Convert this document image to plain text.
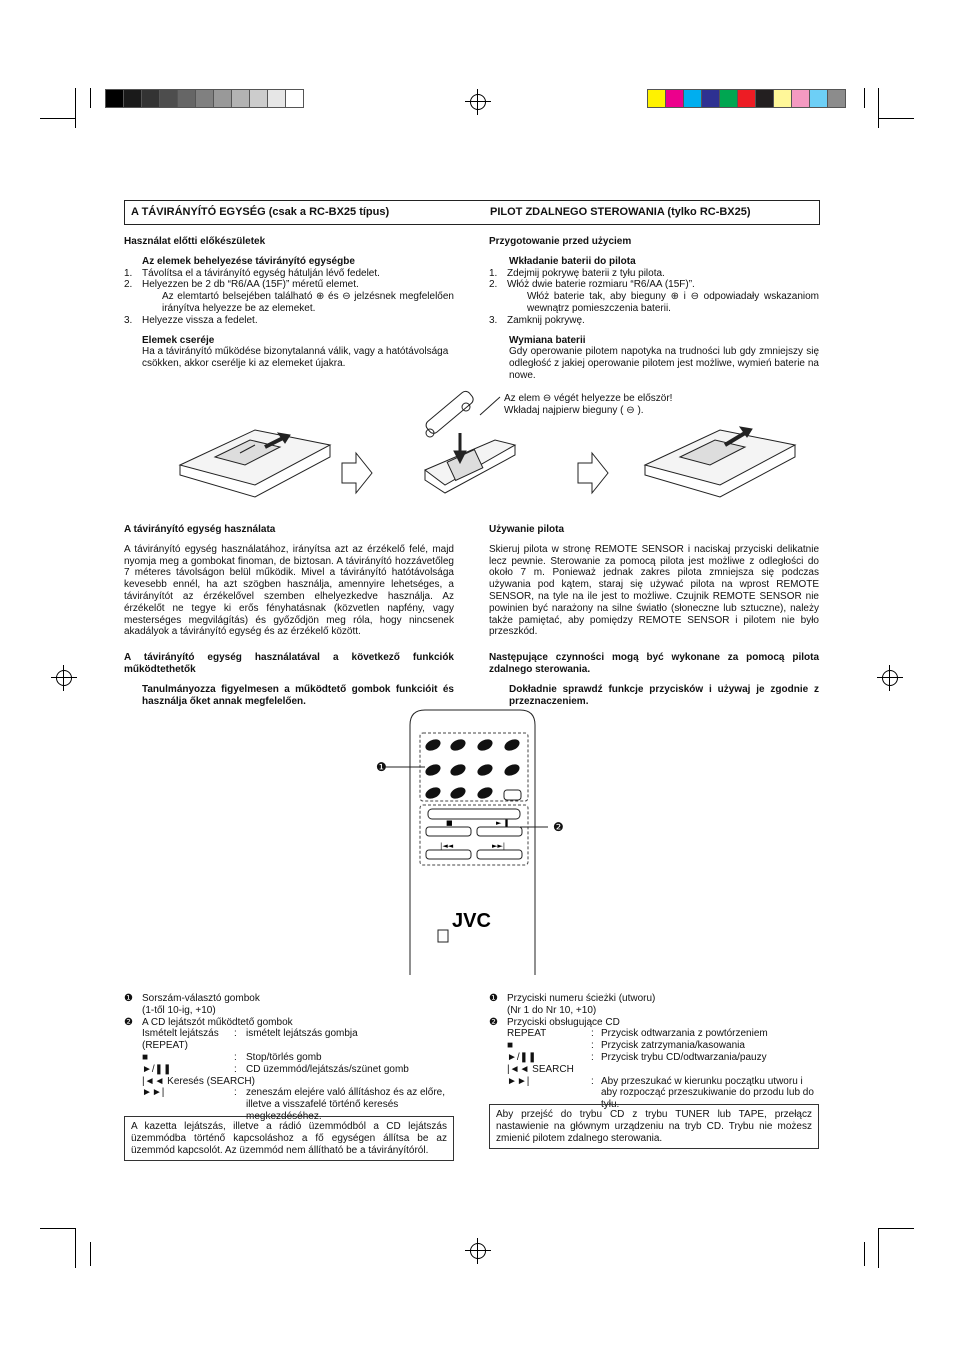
A TÁVIRÁNYÍTÓ EGYSÉG (csak a RC-BX25 típus)	PILOT ZDALNEGO STEROWANIA (tylko RC-BX25)
Használat előtti előkészületek
Az elemek behelyezése távirányító egységbe
1. Távolítsa el a távirányító egység hátulján lévő fedelet.
2. Helyezzen be 2 db “R6/AA (15F)” méretű elemet.
Az elemtartó belsejében található ⊕ és ⊖ jelzésnek megfelelően irányítva helyezze be az elemeket.
3. Helyezze vissza a fedelet.
Elemek cseréje
Ha a távirányító működése bizonytalanná válik, vagy a hatótávolsága csökken, akkor cserélje ki az elemeket újakra.
Przygotowanie przed użyciem
Wkładanie baterii do pilota
1. Zdejmij pokrywę baterii z tyłu pilota.
2. Włóż dwie baterie rozmiaru “R6/AA (15F)”.
Włóż baterie tak, aby bieguny ⊕ i ⊖ odpowiadały wskazaniom wewnątrz pomieszczenia baterii.
3. Zamknij pokrywę.
Wymiana baterii
Gdy operowanie pilotem napotyka na trudności lub gdy zmniejszy się odległość z jakiej operowanie pilotem jest możliwe, wymień baterie na nowe.
Az elem ⊖ végét helyezze be először!
Wkładaj najpierw bieguny ( ⊖ ).
A távirányító egység használata
A távirányító egység használatához, irányítsa azt az érzékelő felé, majd nyomja meg a gombokat finoman, de biztosan. A távirányító hozzávetőleg 7 méteres távolságon belül működik. Mivel a távirányító hatótávolsága kevesebb ennél, ha azt szögben használja, amennyire lehetséges, a távirányítót az érzékelővel szemben elhelyezkedve használja. Az érzékelőt ne tegye ki erős fényhatásnak (közvetlen napfény, vagy mesterséges megvilágítás) és győződjön meg róla, hogy nincsenek akadályok a távirányító egység és az érzékelő között.
A távirányító egység használatával a következő funkciók működtethetők
Tanulmányozza figyelmesen a működtető gombok funkcióit és használja őket annak megfelelően.
Używanie pilota
Skieruj pilota w stronę REMOTE SENSOR i naciskaj przyciski delikatnie lecz pewnie. Sterowanie za pomocą pilota jest możliwe z odległości do około 7 m. Ponieważ jednak zakres pilota zmniejsza się podczas używania pod kątem, staraj się używać pilota na wprost REMOTE SENSOR, na tyle na ile jest to możliwe. Czujnik REMOTE SENSOR nie powinien być narażony na silne światło (słoneczne lub sztuczne), należy także pamiętać, aby pomiędzy REMOTE SENSOR i pilotem nie było przeszkód.
Następujące czynności mogą być wykonane za pomocą pilota zdalnego sterowania.
Dokładnie sprawdź funkcje przycisków i używaj je zgodnie z przeznaczeniem.
■	► ❚
|◄◄	►►|
JVC
❶
❷
❶ Sorszám-választó gombok
(1-től 10-ig, +10)
❷ A CD lejátszót működtető gombok
Ismételt lejátszás (REPEAT)
: ismételt lejátszás gombja
■	: Stop/törlés gomb
►/❚❚	: CD üzemmód/lejátszás/szünet gomb
|◄◄ Keresés (SEARCH)
►►|	: zeneszám elejére való állításhoz és az előre, illetve a visszafelé történő keresés megkezdéséhez.
A kazetta lejátszás, illetve a rádió üzemmódból a CD lejátszás üzemmódba történő kapcsoláshoz a fő egységen állítsa be az üzemmód kapcsolót. Az üzemmód nem állítható be a távirányítóról.
❶ Przyciski numeru ścieżki (utworu)
(Nr 1 do Nr 10, +10)
❷ Przyciski obsługujące CD
REPEAT	: Przycisk odtwarzania z powtórzeniem
■	: Przycisk zatrzymania/kasowania
►/❚❚	: Przycisk trybu CD/odtwarzania/pauzy
|◄◄ SEARCH
►►|	: Aby przeszukać w kierunku początku utworu i aby rozpocząć przeszukiwanie do przodu lub do tyłu.
Aby przejść do trybu CD z trybu TUNER lub TAPE, przełącz nastawienie na głównym urządzeniu na tryb CD. Trybu nie możesz zmienić pilotem zdalnego sterowania.
